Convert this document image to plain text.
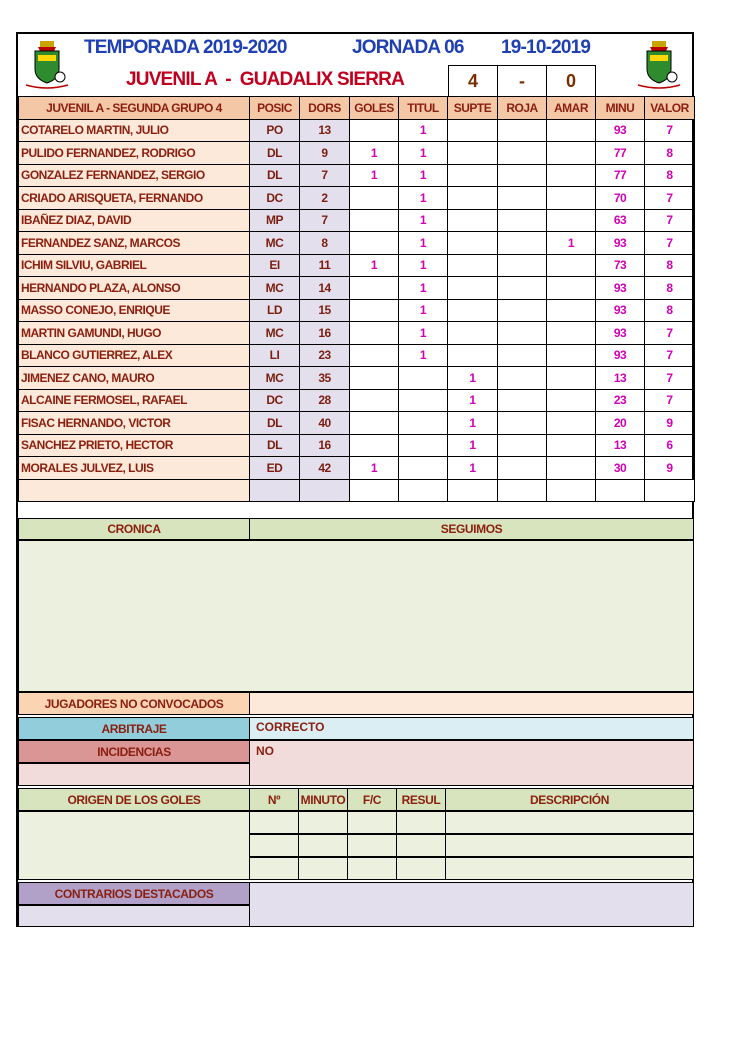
TEMPORADA 2019-2020	JORNADA 06 19-10-2019
JUVENIL A  -  GUADALIX SIERRA	4	-	0
JUVENIL A - SEGUNDA GRUPO 4	POSIC	DORS	GOLES	TITUL	SUPTE	ROJA	AMAR	MINU	VALOR
COTARELO MARTIN, JULIO	PO	13		1				93	7
PULIDO FERNANDEZ, RODRIGO	DL	9	1	1				77	8
GONZALEZ FERNANDEZ, SERGIO	DL	7	1	1				77	8
CRIADO ARISQUETA, FERNANDO	DC	2		1				70	7
IBAÑEZ DIAZ, DAVID	MP	7		1				63	7
FERNANDEZ SANZ, MARCOS	MC	8		1			1	93	7
ICHIM SILVIU, GABRIEL	EI	11	1	1				73	8
HERNANDO PLAZA, ALONSO	MC	14		1				93	8
MASSO CONEJO, ENRIQUE	LD	15		1				93	8
MARTIN GAMUNDI, HUGO	MC	16		1				93	7
BLANCO GUTIERREZ, ALEX	LI	23		1				93	7
JIMENEZ CANO, MAURO	MC	35			1			13	7
ALCAINE FERMOSEL, RAFAEL	DC	28			1			23	7
FISAC HERNANDO, VICTOR	DL	40			1			20	9
SANCHEZ PRIETO, HECTOR	DL	16			1			13	6
MORALES JULVEZ, LUIS	ED	42	1		1			30	9

CRONICA	SEGUIMOS
JUGADORES NO CONVOCADOS
ARBITRAJE	CORRECTO
INCIDENCIAS	NO
ORIGEN DE LOS GOLES	Nº	MINUTO	F/C	RESUL	DESCRIPCIÓN
CONTRARIOS DESTACADOS
